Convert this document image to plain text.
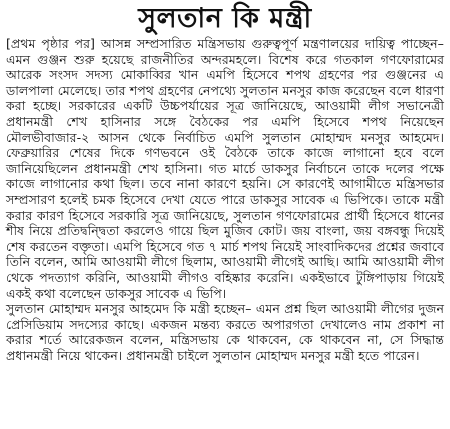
সুলতান কি মন্ত্রী

[প্রথম পৃষ্ঠার পর] আসন্ন সম্প্রসারিত মন্ত্রিসভায় গুরুত্বপূর্ণ মন্ত্রণালয়ের দায়িত্ব পাচ্ছেন– এমন গুঞ্জন শুরু হয়েছে রাজনীতির অন্দরমহলে। বিশেষ করে গতকাল গণফোরামের আরেক সংসদ সদস্য মোকাব্বির খান এমপি হিসেবে শপথ গ্রহণের পর গুঞ্জনের এ ডালপালা মেলেছে। তার শপথ গ্রহণের নেপথ্যে সুলতান মনসুর কাজ করেছেন বলে ধারণা করা হচ্ছে। সরকারের একটি উচ্চপর্যায়ের সূত্র জানিয়েছে, আওয়ামী লীগ সভানেত্রী প্রধানমন্ত্রী শেখ হাসিনার সঙ্গে বৈঠকের পর এমপি হিসেবে শপথ নিয়েছেন মৌলভীবাজার-২ আসন থেকে নির্বাচিত এমপি সুলতান মোহাম্মদ মনসুর আহমেদ। ফেব্রুয়ারির শেষের দিকে গণভবনে ওই বৈঠকে তাকে কাজে লাগানো হবে বলে জানিয়েছিলেন প্রধানমন্ত্রী শেখ হাসিনা। গত মার্চে ডাকসুর নির্বাচনে তাকে দলের পক্ষে কাজে লাগানোর কথা ছিল। তবে নানা কারণে হয়নি। সে কারণেই আগামীতে মন্ত্রিসভার সম্প্রসারণ হলেই চমক হিসেবে দেখা যেতে পারে ডাকসুর সাবেক এ ভিপিকে। তাকে মন্ত্রী করার কারণ হিসেবে সরকারি সূত্র জানিয়েছে, সুলতান গণফোরামের প্রার্থী হিসেবে ধানের শীষ নিয়ে প্রতিদ্বন্দ্বিতা করলেও গায়ে ছিল মুজিব কোট। জয় বাংলা, জয় বঙ্গবন্ধু দিয়েই শেষ করতেন বক্তৃতা। এমপি হিসেবে গত ৭ মার্চ শপথ নিয়েই সাংবাদিকদের প্রশ্নের জবাবে তিনি বলেন, আমি আওয়ামী লীগে ছিলাম, আওয়ামী লীগেই আছি। আমি আওয়ামী লীগ থেকে পদত্যাগ করিনি, আওয়ামী লীগও বহিষ্কার করেনি। একইভাবে টুঙ্গিপাড়ায় গিয়েই একই কথা বলেছেন ডাকসুর সাবেক এ ভিপি।

সুলতান মোহাম্মদ মনসুর আহমেদ কি মন্ত্রী হচ্ছেন– এমন প্রশ্ন ছিল আওয়ামী লীগের দুজন প্রেসিডিয়াম সদস্যের কাছে। একজন মন্তব্য করতে অপারগতা দেখালেও নাম প্রকাশ না করার শর্তে আরেকজন বলেন, মন্ত্রিসভায় কে থাকবেন, কে থাকবেন না, সে সিদ্ধান্ত প্রধানমন্ত্রী নিয়ে থাকেন। প্রধানমন্ত্রী চাইলে সুলতান মোহাম্মদ মনসুর মন্ত্রী হতে পারেন।
